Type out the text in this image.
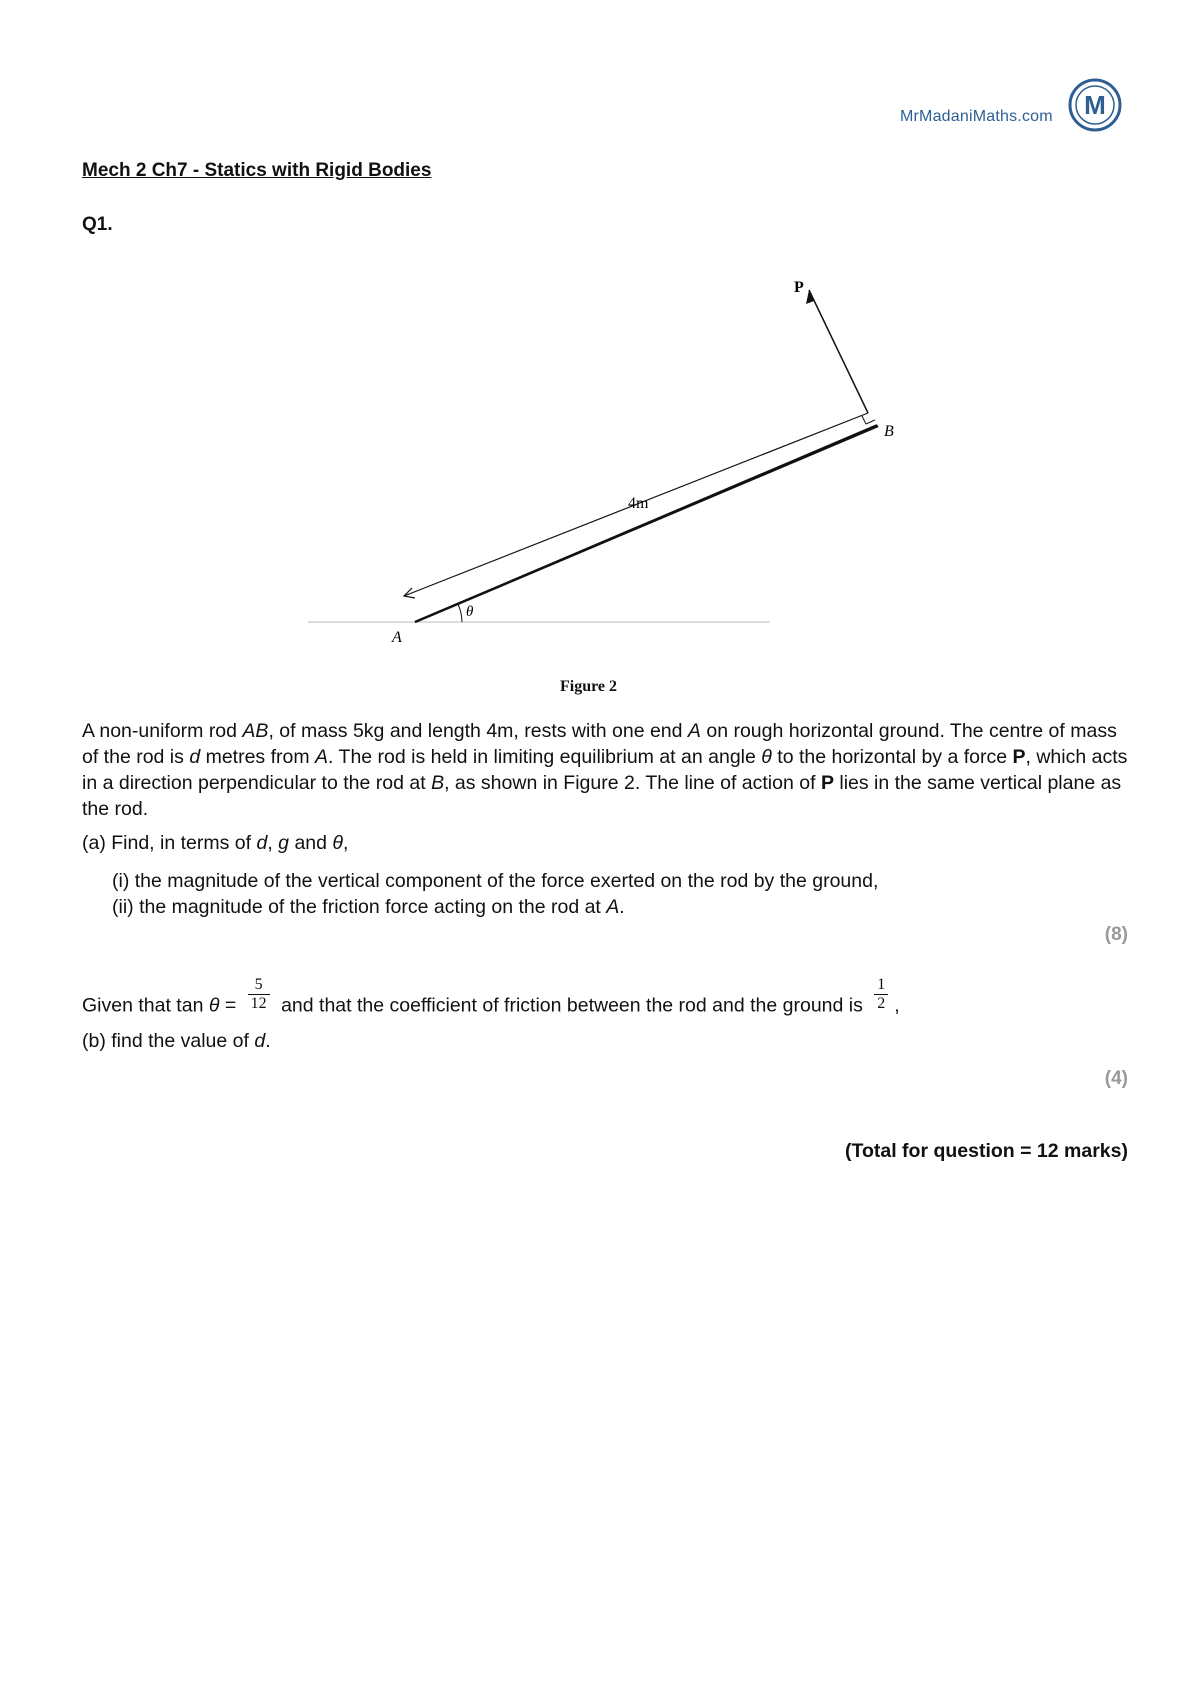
MrMadaniMaths.com M
Mech 2 Ch7 - Statics with Rigid Bodies
Q1.
P
B
A
4m
θ
Figure 2

A non-uniform rod AB, of mass 5kg and length 4m, rests with one end A on rough horizontal ground. The centre of mass of the rod is d metres from A. The rod is held in limiting equilibrium at an angle θ to the horizontal by a force P, which acts in a direction perpendicular to the rod at B, as shown in Figure 2. The line of action of P lies in the same vertical plane as the rod.

(a) Find, in terms of d, g and θ,
(i) the magnitude of the vertical component of the force exerted on the rod by the ground,
(ii) the magnitude of the friction force acting on the rod at A.
(8)
Given that $\tan \theta = \frac{5}{12}$ and that the coefficient of friction between the rod and the ground is $\frac{1}{2}$ ,
(b) find the value of d.
(4)
(Total for question = 12 marks)
